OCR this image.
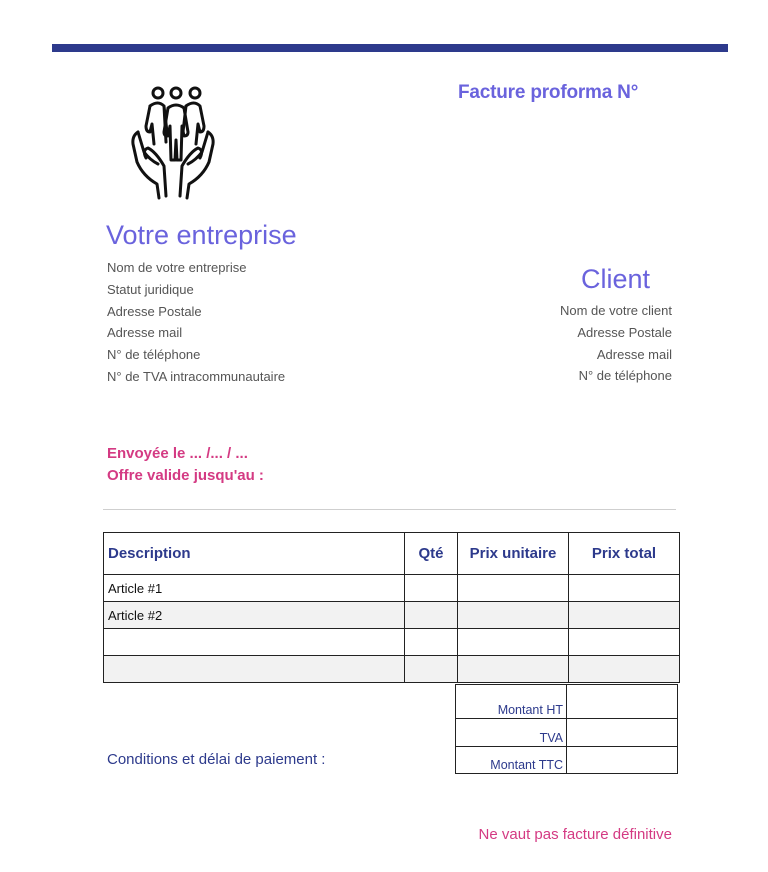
Facture proforma N°
Votre entreprise
Nom de votre entreprise
Statut juridique
Adresse Postale
Adresse mail
N° de téléphone
N° de TVA intracommunautaire
Client
Nom de votre client
Adresse Postale
Adresse mail
N° de téléphone
Envoyée le ... /... / ...
Offre valide jusqu'au :
Description	Qté	Prix unitaire	Prix total
Article #1			
Article #2			

Montant HT	
TVA	
Montant TTC	
Conditions et délai de paiement :
Ne vaut pas facture définitive
